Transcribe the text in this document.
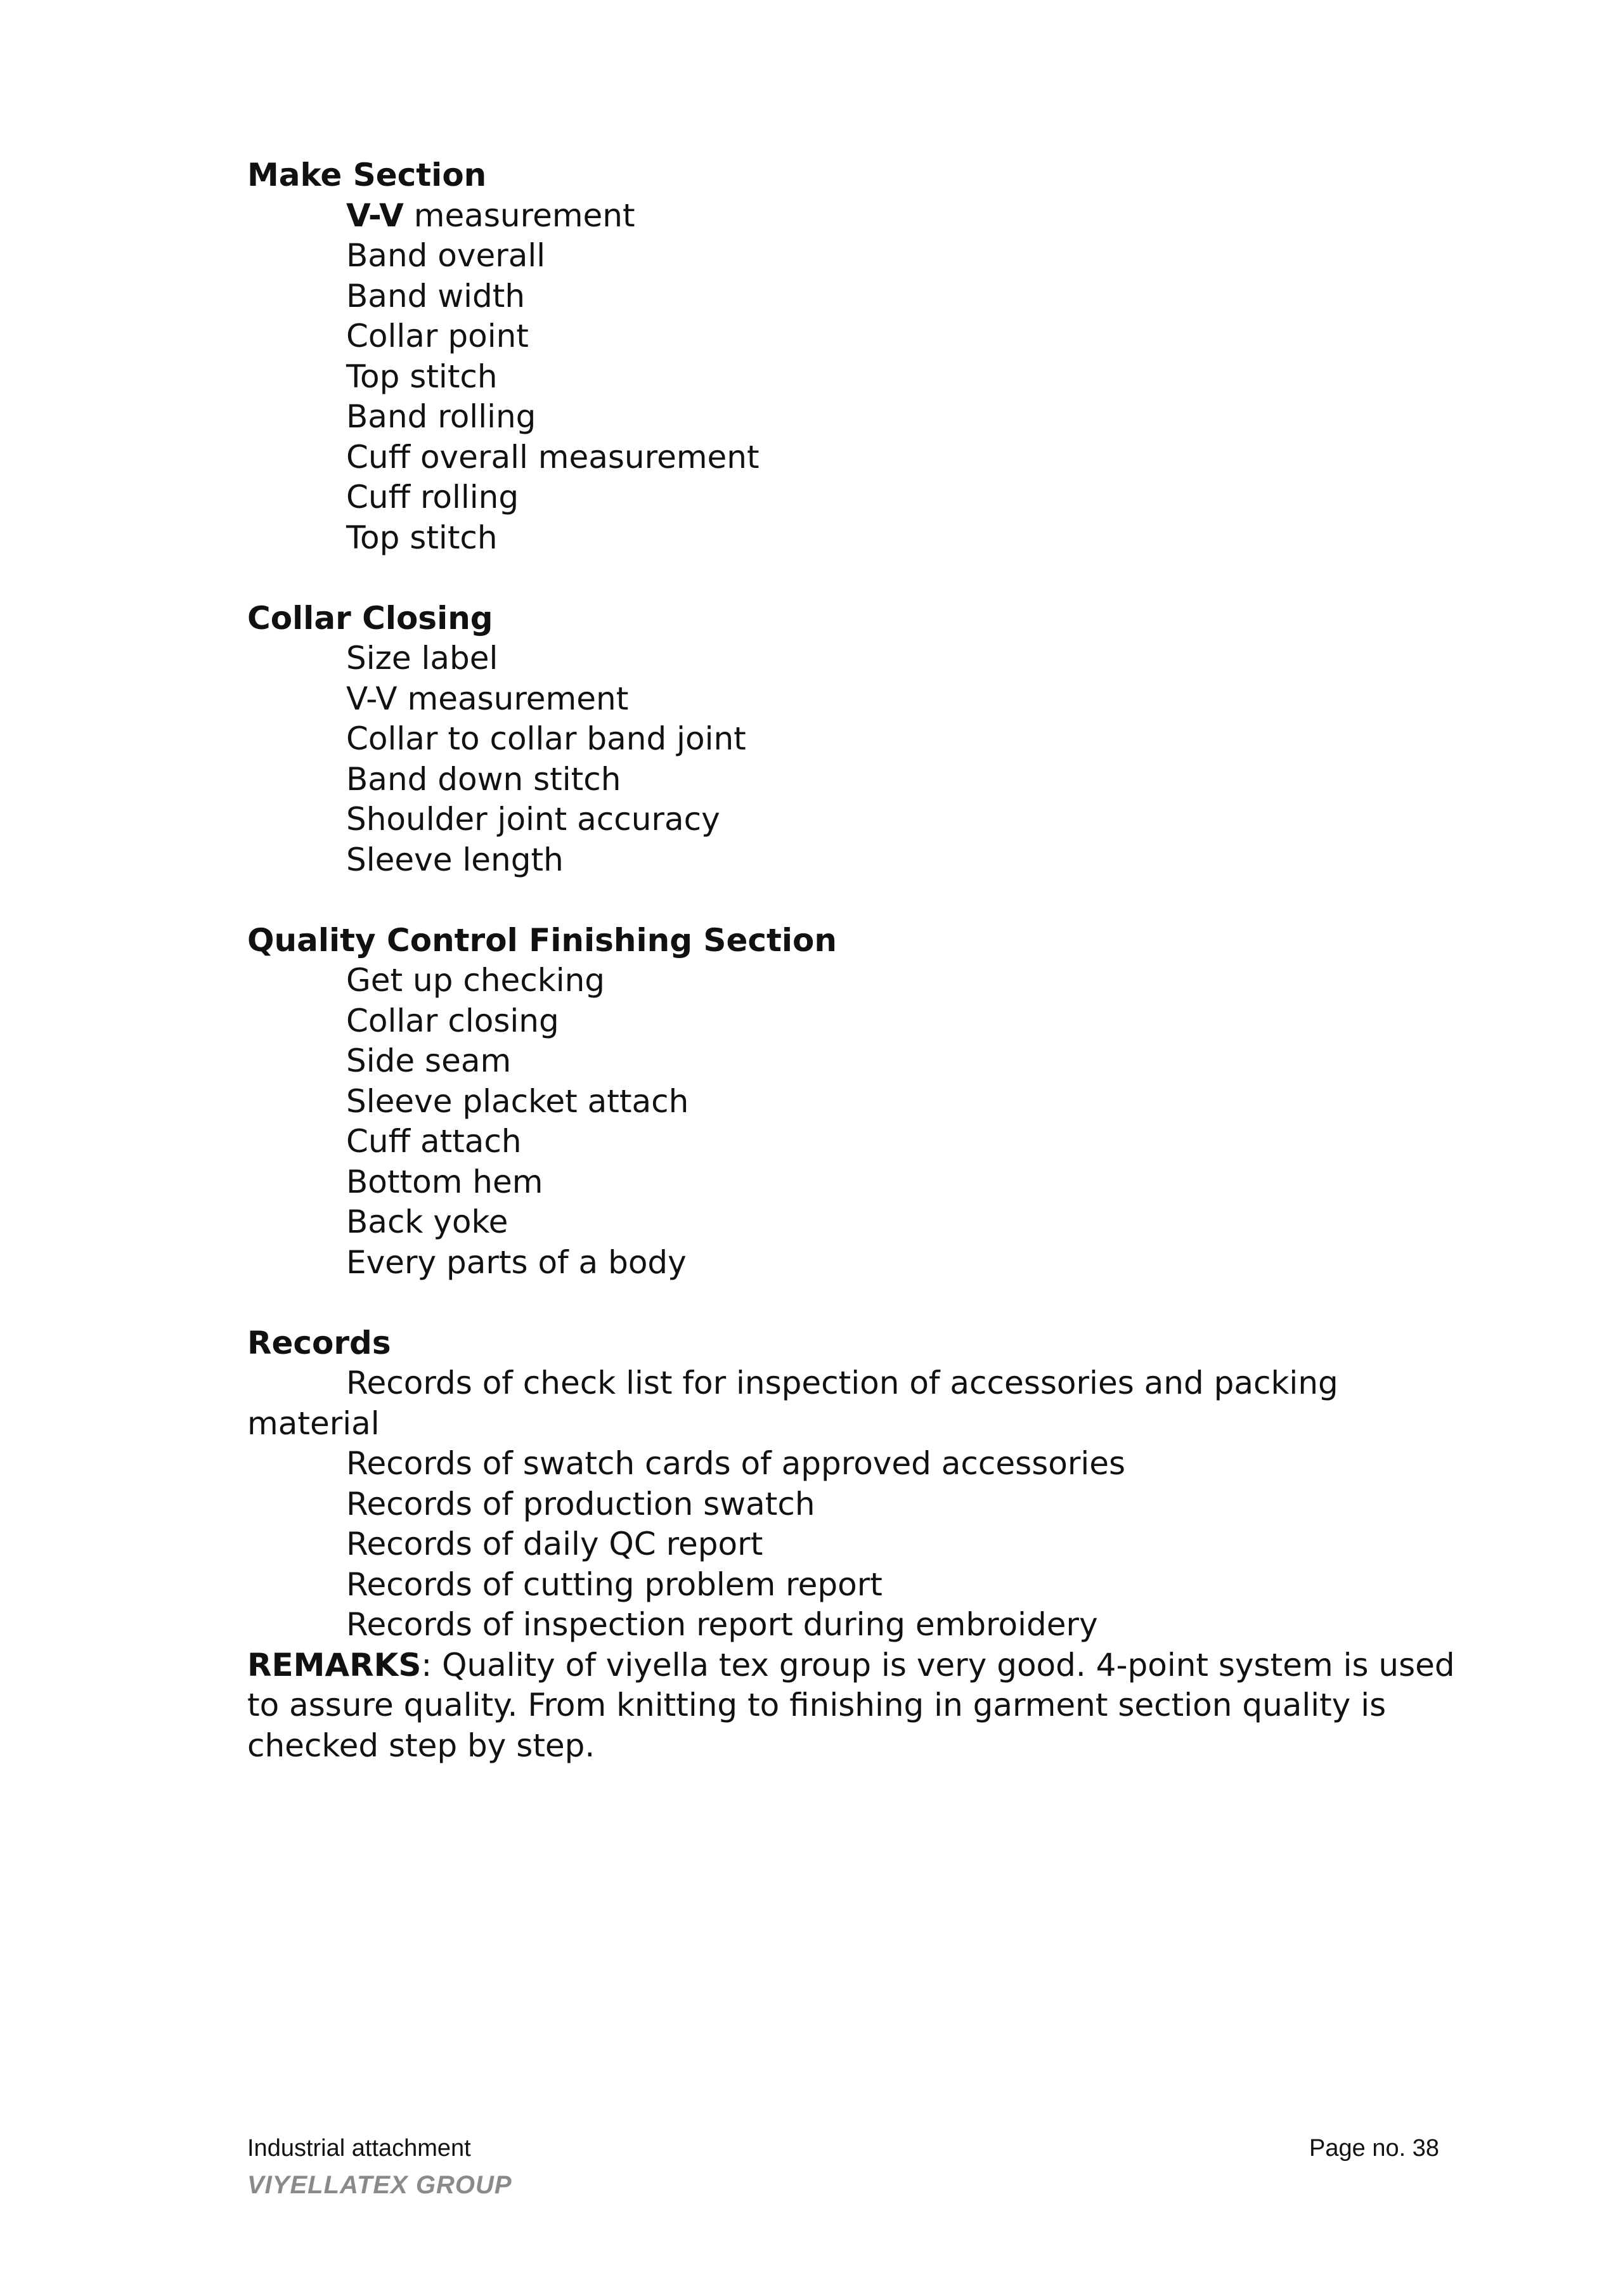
Make Section

V-V measurement

Band overall

Band width

Collar point

Top stitch

Band rolling

Cuff overall measurement

Cuff rolling

Top stitch

Collar Closing

Size label

V-V measurement

Collar to collar band joint

Band down stitch

Shoulder joint accuracy

Sleeve length

Quality Control Finishing Section

Get up checking

Collar closing

Side seam

Sleeve placket attach

Cuff attach

Bottom hem

Back yoke

Every parts of a body

Records

Records of check list for inspection of accessories and packing material

Records of swatch cards of approved accessories

Records of production swatch

Records of daily QC report

Records of cutting problem report

Records of inspection report during embroidery

REMARKS: Quality of viyella tex group is very good. 4-point system is used to assure quality. From knitting to finishing in garment section quality is checked step by step.

Industrial attachment	Page no. 38
VIYELLATEX GROUP
